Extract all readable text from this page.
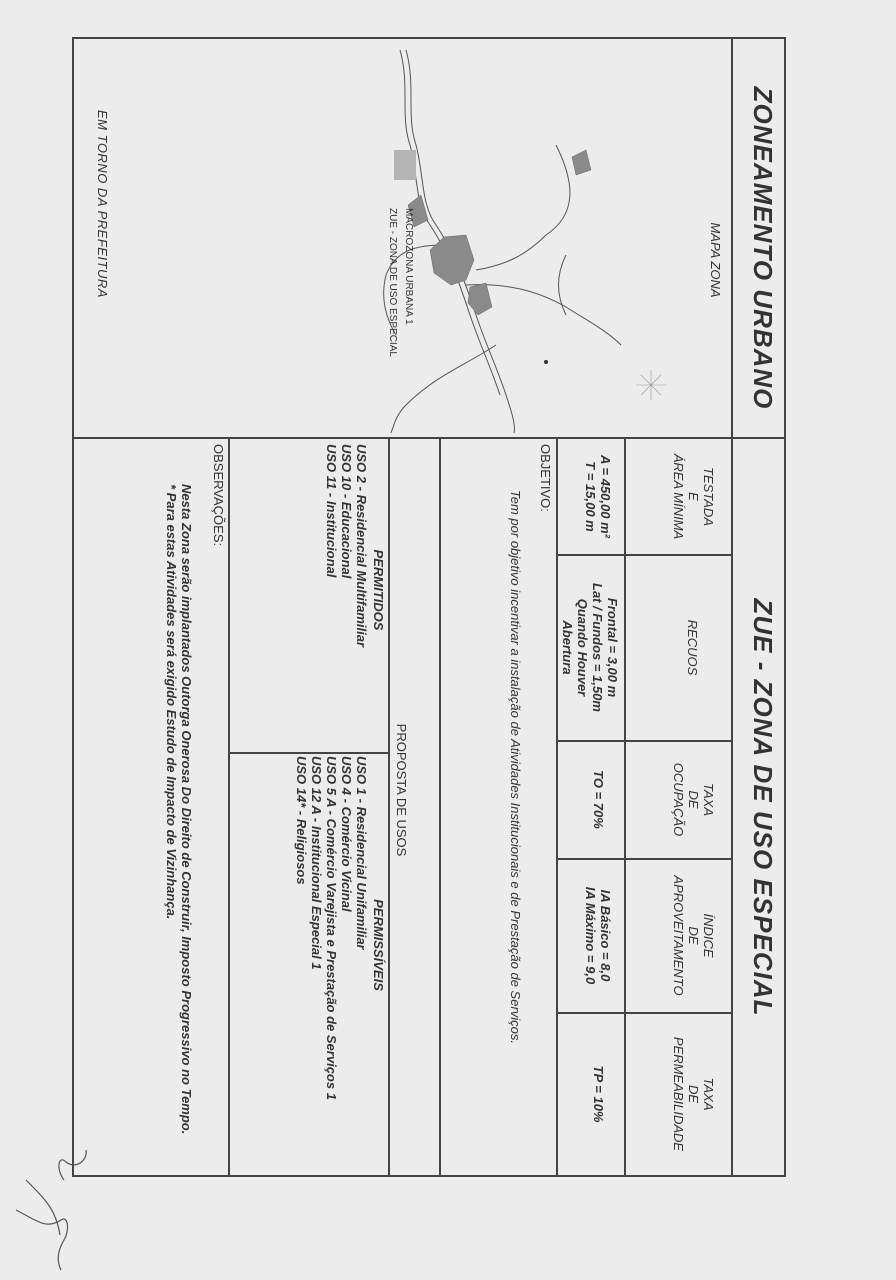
ZONEAMENTO URBANO
MAPA ZONA
MACROZONA URBANA 1
ZUE - ZONA DE USO ESPECIAL
EM TORNO DA PREFEITURA
ZUE - ZONA DE USO ESPECIAL
TESTADA
E
ÁREA MÍNIMA
A = 450,00 m²
T = 15,00 m
RECUOS
Frontal = 3,00 m
Lat / Fundos = 1,50m
Quando Houver
Abertura
TAXA
DE
OCUPAÇÃO
TO = 70%
ÍNDICE
DE
APROVEITAMENTO
IA Básico = 8,0
IA Máximo = 9,0
TAXA
DE
PERMEABILIDADE
TP = 10%
OBJETIVO:
Tem por objetivo incentivar a instalação de Atividades Institucionais e de Prestação de Serviços.
PROPOSTA DE USOS
PERMITIDOS
USO 2 - Residencial Multifamiliar
USO 10 - Educacional
USO 11 - Institucional
PERMISSÍVEIS
USO 1 - Residencial Unifamiliar
USO 4 - Comércio Vicinal
USO 5 A - Comércio Varejista e Prestação de Serviços 1
USO 12 A - Institucional Especial 1
USO 14* - Religiosos
OBSERVAÇÕES:
Nesta Zona serão implantados Outorga Onerosa Do Direito de Construir, Imposto Progressivo no Tempo.
* Para estas Atividades será exigido Estudo de Impacto de Vizinhança.
